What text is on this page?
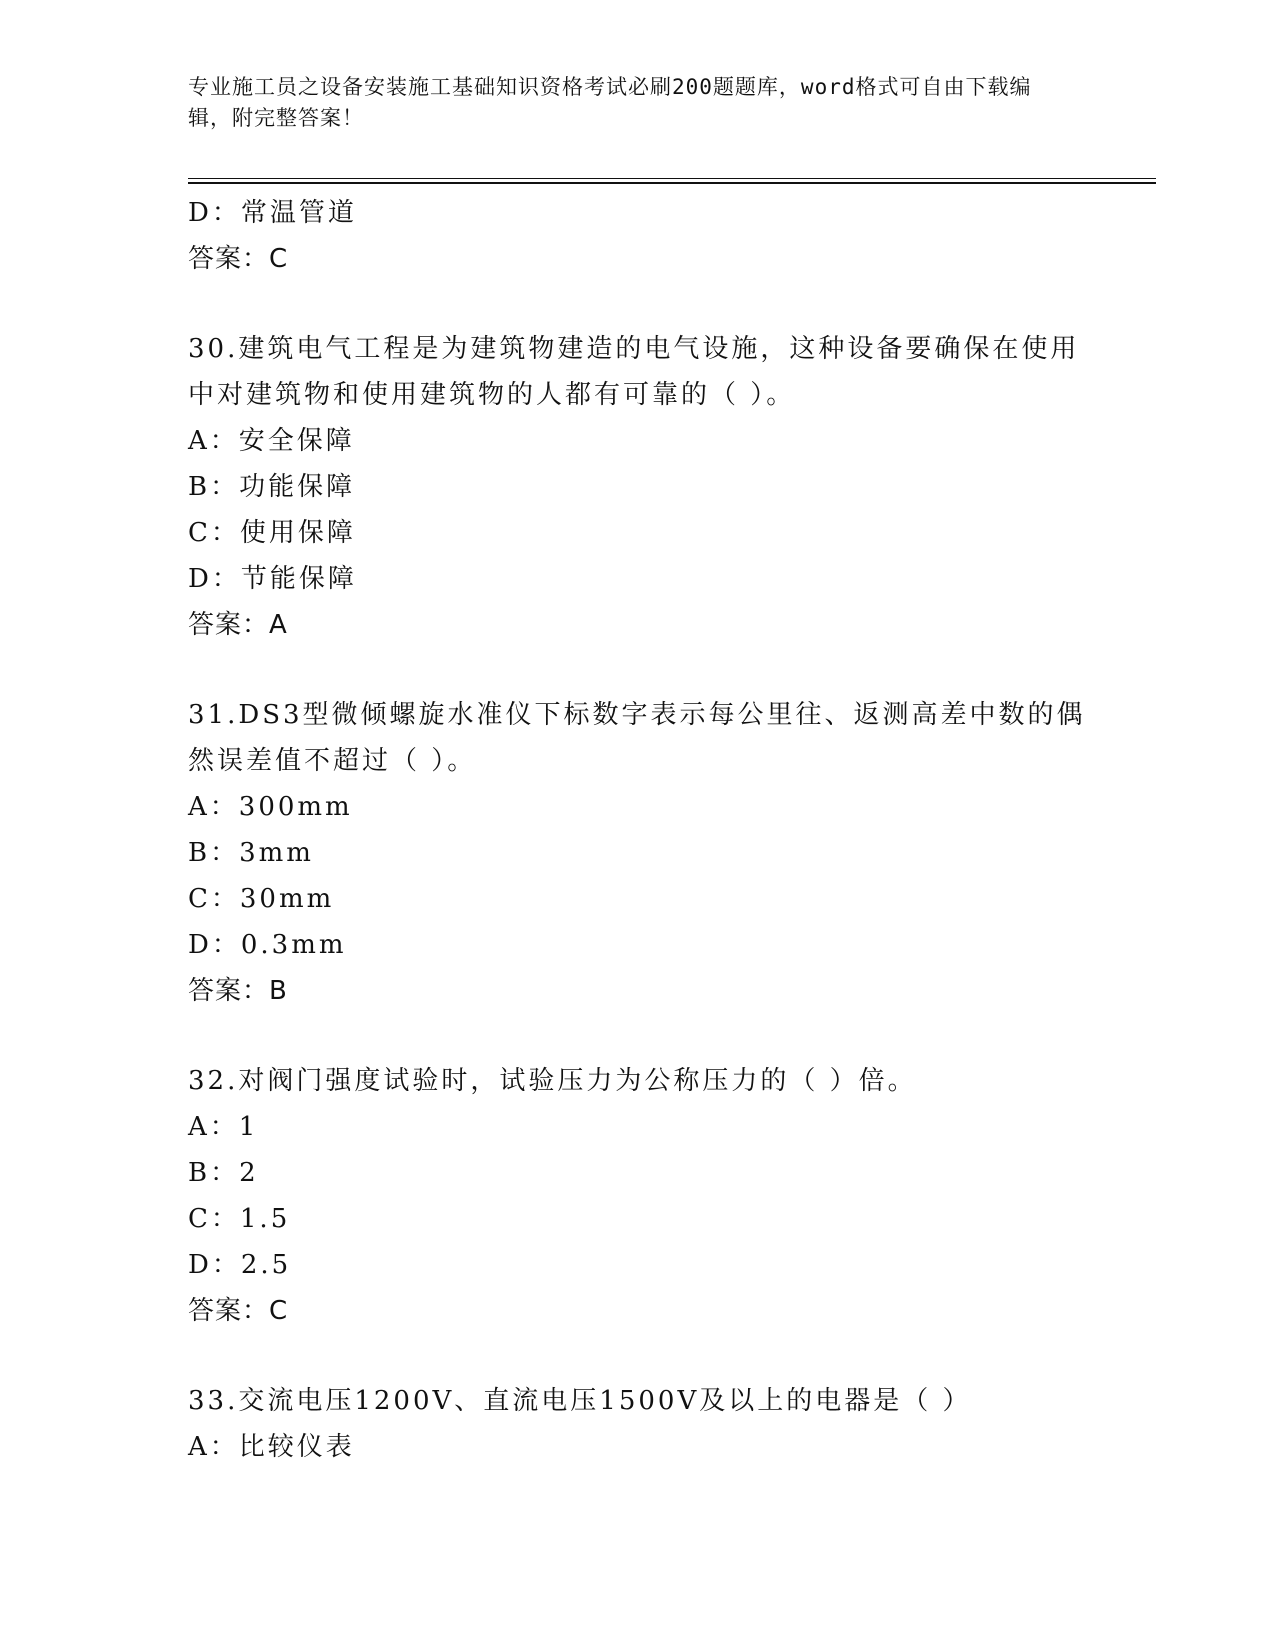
专业施工员之设备安装施工基础知识资格考试必刷200题题库，word格式可自由下载编辑，附完整答案！

D：常温管道

答案：C

30.建筑电气工程是为建筑物建造的电气设施，这种设备要确保在使用

中对建筑物和使用建筑物的人都有可靠的（ ）。

A：安全保障

B：功能保障

C：使用保障

D：节能保障

答案：A

31.DS3型微倾螺旋水准仪下标数字表示每公里往、返测高差中数的偶

然误差值不超过（ ）。

A：300mm

B：3mm

C：30mm

D：0.3mm

答案：B

32.对阀门强度试验时，试验压力为公称压力的（ ）倍。

A：1

B：2

C：1.5

D：2.5

答案：C

33.交流电压1200V、直流电压1500V及以上的电器是（ ）

A：比较仪表
